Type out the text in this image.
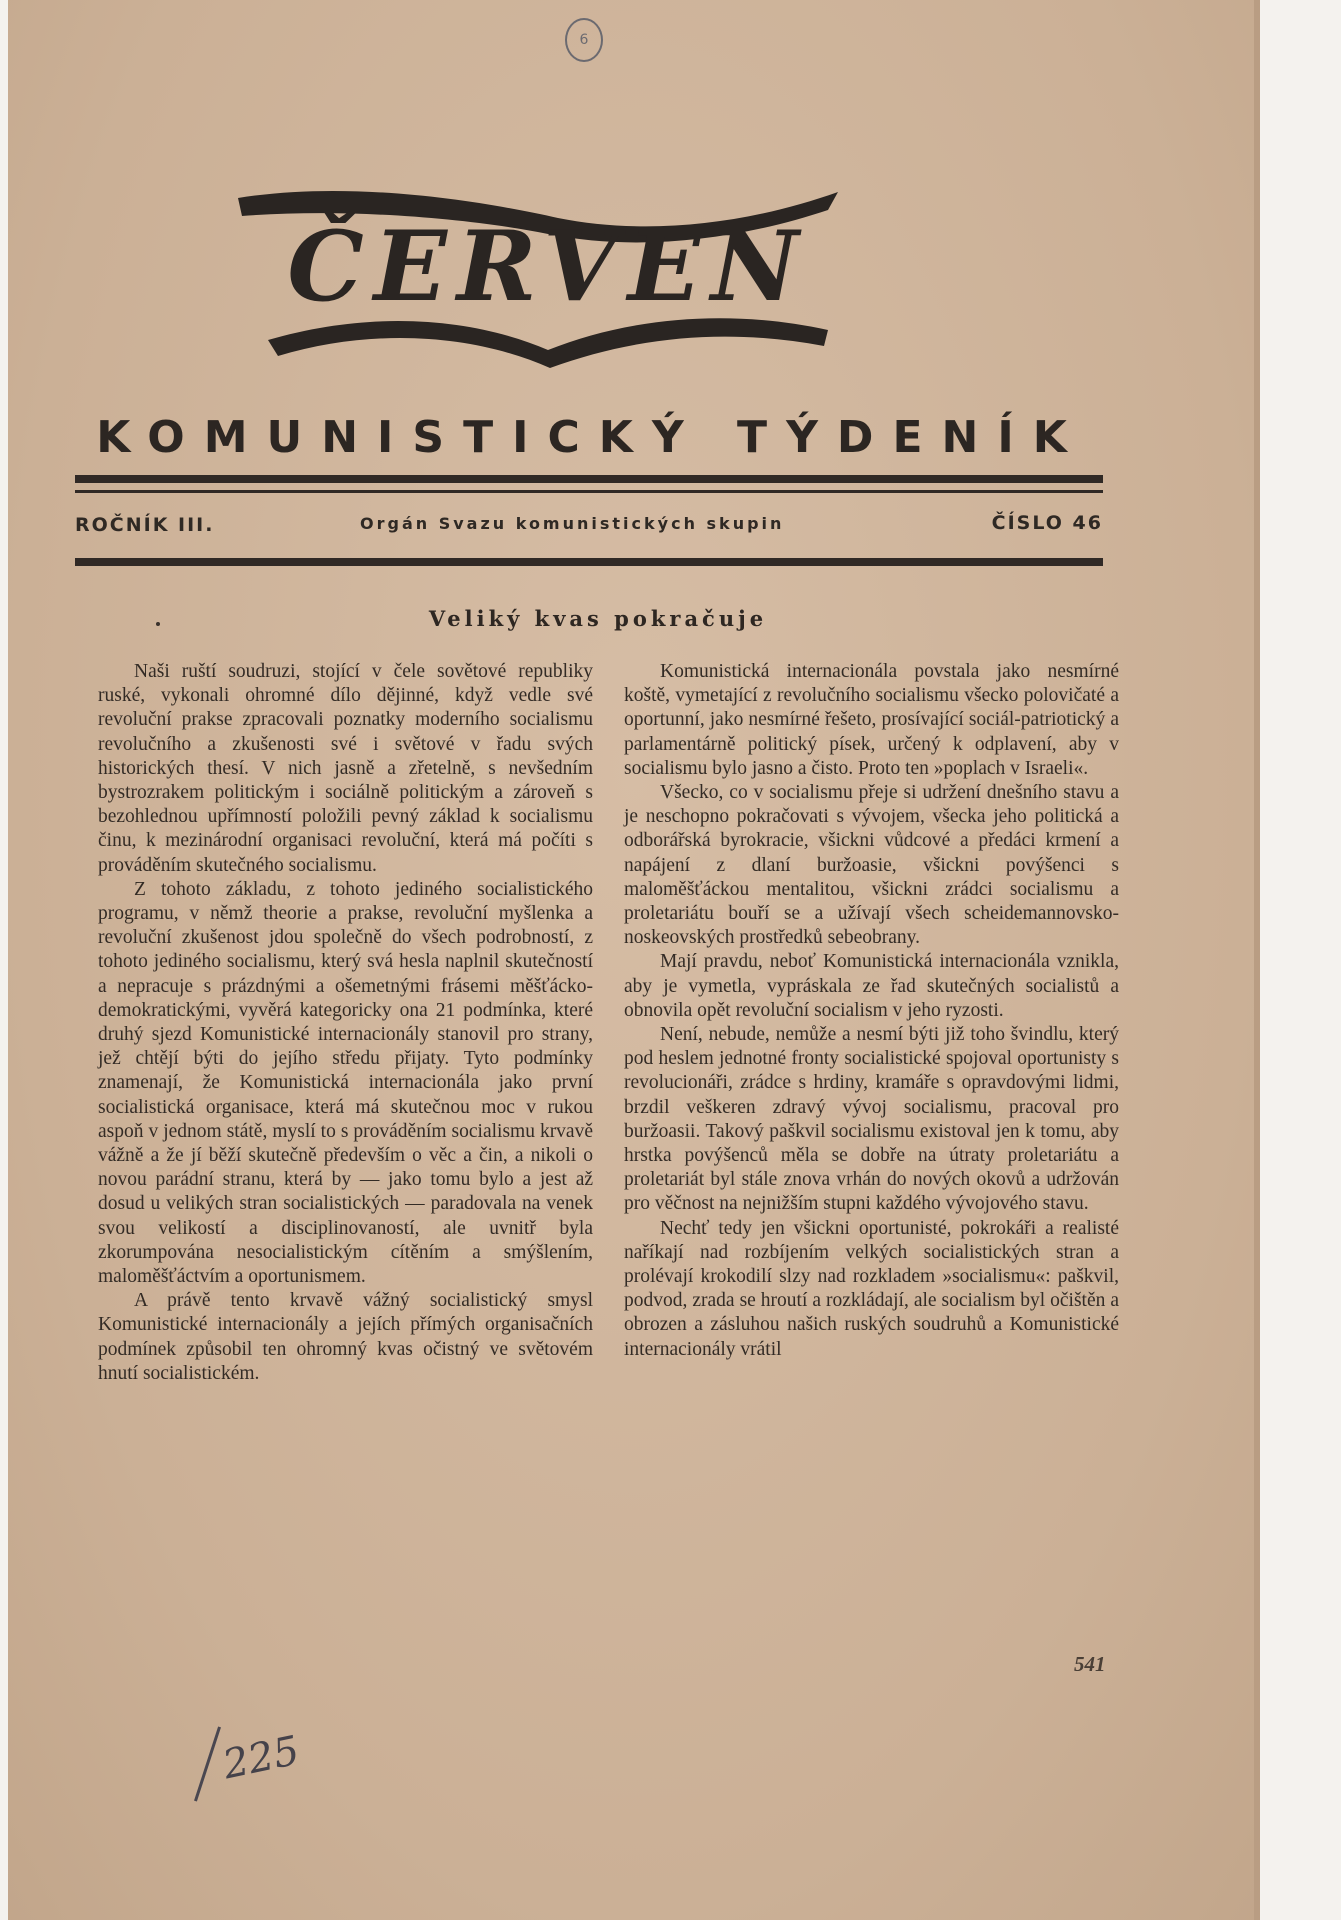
6
ČERVEN
KOMUNISTICKÝ TÝDENÍK
ROČNÍK III.	Orgán Svazu komunistických skupin	ČÍSLO 46
Veliký kvas pokračuje

Naši ruští soudruzi, stojící v čele sovětové republiky ruské, vykonali ohromné dílo dějinné, když vedle své revoluční prakse zpracovali poznatky moderního socialismu revolučního a zkušenosti své i světové v řadu svých historických thesí. V nich jasně a zřetelně, s nevšedním bystrozrakem politickým i sociálně politickým a zároveň s bezohlednou upřímností položili pevný základ k socialismu činu, k mezinárodní organisaci revoluční, která má počíti s prováděním skutečného socialismu.

Z tohoto základu, z tohoto jediného socialistického programu, v němž theorie a prakse, revoluční myšlenka a revoluční zkušenost jdou společně do všech podrobností, z tohoto jediného socialismu, který svá hesla naplnil skutečností a nepracuje s prázdnými a ošemetnými frásemi měšťácko-demokratickými, vyvěrá kategoricky ona 21 podmínka, které druhý sjezd Komunistické internacionály stanovil pro strany, jež chtějí býti do jejího středu přijaty. Tyto podmínky znamenají, že Komunistická internacionála jako první socialistická organisace, která má skutečnou moc v rukou aspoň v jednom státě, myslí to s prováděním socialismu krvavě vážně a že jí běží skutečně především o věc a čin, a nikoli o novou parádní stranu, která by — jako tomu bylo a jest až dosud u velikých stran socialistických — paradovala na venek svou velikostí a disciplinovaností, ale uvnitř byla zkorumpována nesocialistickým cítěním a smýšlením, maloměšťáctvím a oportunismem.

A právě tento krvavě vážný socialistický smysl Komunistické internacionály a jejích přímých organisačních podmínek způsobil ten ohromný kvas očistný ve světovém hnutí socialistickém.

Komunistická internacionála povstala jako nesmírné koště, vymetající z revolučního socialismu všecko polovičaté a oportunní, jako nesmírné řešeto, prosívající sociál-patriotický a parlamentárně politický písek, určený k odplavení, aby v socialismu bylo jasno a čisto. Proto ten »poplach v Israeli«.

Všecko, co v socialismu přeje si udržení dnešního stavu a je neschopno pokračovati s vývojem, všecka jeho politická a odborářská byrokracie, všickni vůdcové a předáci krmení a napájení z dlaní buržoasie, všickni povýšenci s maloměšťáckou mentalitou, všickni zrádci socialismu a proletariátu bouří se a užívají všech scheidemannovsko-noskeovských prostředků sebeobrany.

Mají pravdu, neboť Komunistická internacionála vznikla, aby je vymetla, vypráskala ze řad skutečných socialistů a obnovila opět revoluční socialism v jeho ryzosti.

Není, nebude, nemůže a nesmí býti již toho švindlu, který pod heslem jednotné fronty socialistické spojoval oportunisty s revolucionáři, zrádce s hrdiny, kramáře s opravdovými lidmi, brzdil veškeren zdravý vývoj socialismu, pracoval pro buržoasii. Takový paškvil socialismu existoval jen k tomu, aby hrstka povýšenců měla se dobře na útraty proletariátu a proletariát byl stále znova vrhán do nových okovů a udržován pro věčnost na nejnižším stupni každého vývojového stavu.

Nechť tedy jen všickni oportunisté, pokrokáři a realisté naříkají nad rozbíjením velkých socialistických stran a prolévají krokodilí slzy nad rozkladem »socialismu«: paškvil, podvod, zrada se hroutí a rozkládají, ale socialism byl očištěn a obrozen a zásluhou našich ruských soudruhů a Komunistické internacionály vrátil

541
225
